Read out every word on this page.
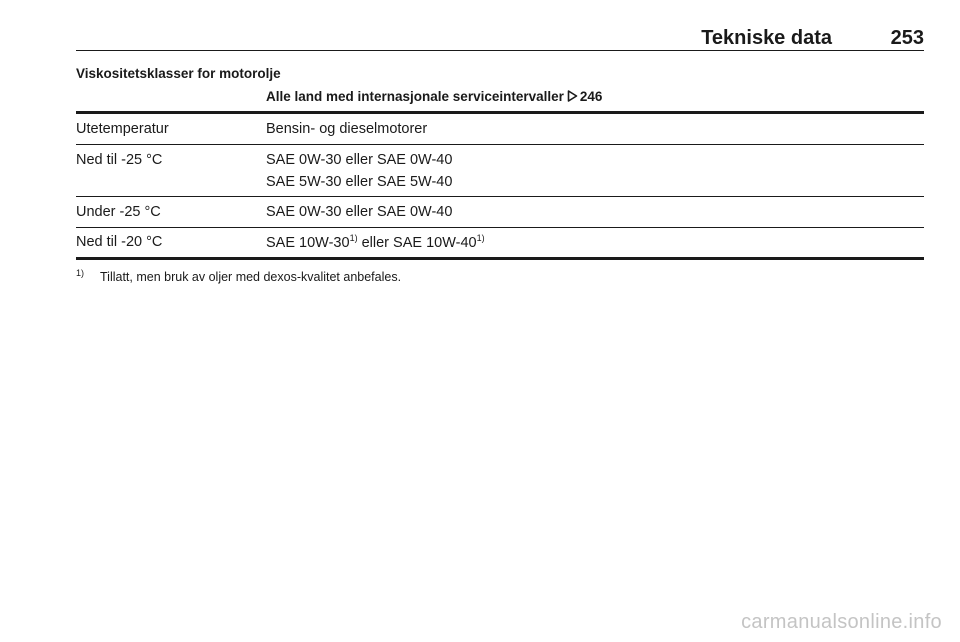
Tekniske data	253
Viskositetsklasser for motorolje
Alle land med internasjonale serviceintervaller 246
Utetemperatur	Bensin- og dieselmotorer
Ned til -25 °C	SAE 0W-30 eller SAE 0W-40
SAE 5W-30 eller SAE 5W-40
Under -25 °C	SAE 0W-30 eller SAE 0W-40
Ned til -20 °C	SAE 10W-30$^{1)}$ eller SAE 10W-40$^{1)}$
1) Tillatt, men bruk av oljer med dexos-kvalitet anbefales.
carmanualsonline.info
